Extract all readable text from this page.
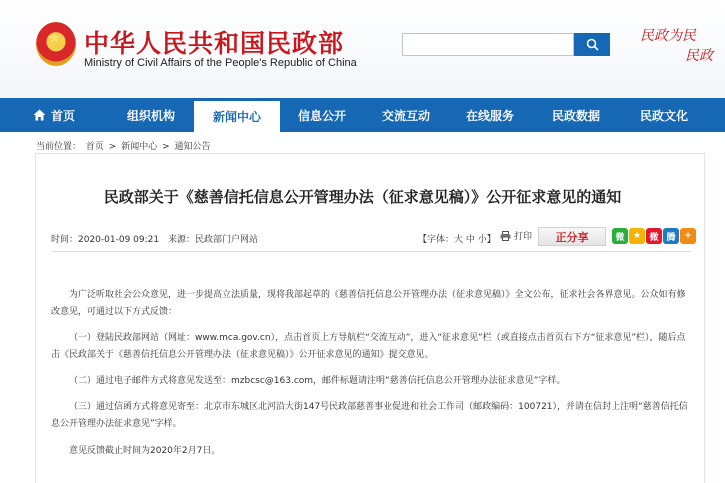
★ 中华人民共和国民政部
Ministry of Civil Affairs of the People's Republic of China
民政为民
民政
首页	组织机构	新闻中心	信息公开	交流互动	在线服务	民政数据	民政文化
当前位置： 首页 > 新闻中心 > 通知公告
民政部关于《慈善信托信息公开管理办法（征求意见稿）》公开征求意见的通知
时间：2020-01-09 09:21 来源：民政部门户网站	【字体：大 中 小】 打印	正分享	微 ★ 微 腾 +
为广泛听取社会公众意见，进一步提高立法质量，现将我部起草的《慈善信托信息公开管理办法（征求意见稿）》全文公布，征求社会各界意见。公众如有修改意见，可通过以下方式反馈：
（一）登陆民政部网站（网址：www.mca.gov.cn），点击首页上方导航栏“交流互动”，进入“征求意见”栏（或直接点击首页右下方“征求意见”栏），随后点击《民政部关于《慈善信托信息公开管理办法（征求意见稿）》公开征求意见的通知》提交意见。
（二）通过电子邮件方式将意见发送至：mzbcsc@163.com，邮件标题请注明“慈善信托信息公开管理办法征求意见”字样。
（三）通过信函方式将意见寄至：北京市东城区北河沿大街147号民政部慈善事业促进和社会工作司（邮政编码：100721），并请在信封上注明“慈善信托信息公开管理办法征求意见”字样。
意见反馈截止时间为2020年2月7日。
